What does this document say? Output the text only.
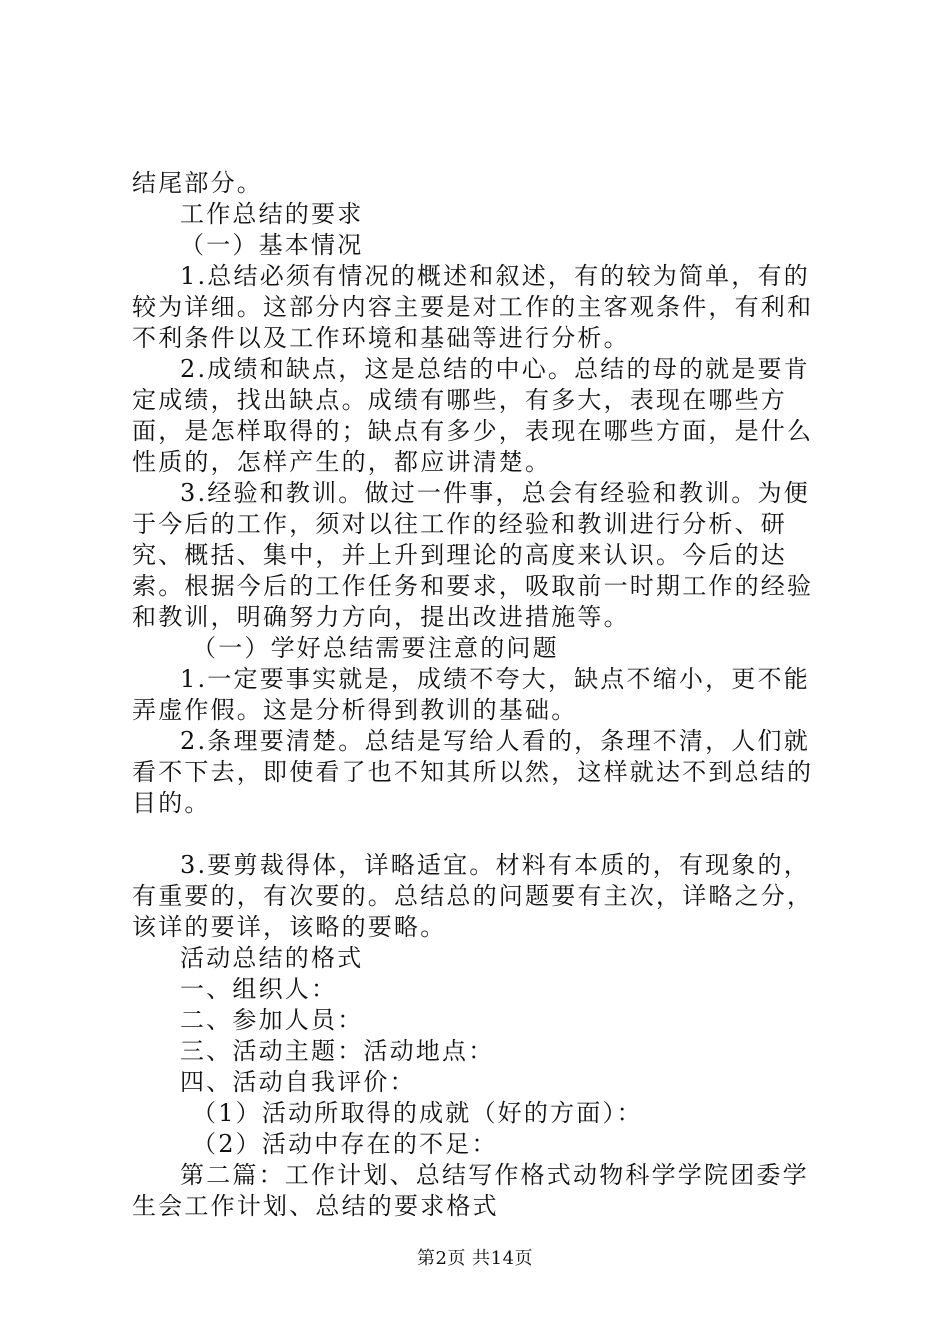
结尾部分。

工作总结的要求

（一）基本情况

1.总结必须有情况的概述和叙述，有的较为简单，有的较为详细。这部分内容主要是对工作的主客观条件，有利和不利条件以及工作环境和基础等进行分析。

2.成绩和缺点，这是总结的中心。总结的母的就是要肯定成绩，找出缺点。成绩有哪些，有多大，表现在哪些方面，是怎样取得的；缺点有多少，表现在哪些方面，是什么性质的，怎样产生的，都应讲清楚。

3.经验和教训。做过一件事，总会有经验和教训。为便于今后的工作，须对以往工作的经验和教训进行分析、研究、概括、集中，并上升到理论的高度来认识。今后的达索。根据今后的工作任务和要求，吸取前一时期工作的经验和教训，明确努力方向，提出改进措施等。

（一）学好总结需要注意的问题

1.一定要事实就是，成绩不夸大，缺点不缩小，更不能弄虚作假。这是分析得到教训的基础。

2.条理要清楚。总结是写给人看的，条理不清，人们就看不下去，即使看了也不知其所以然，这样就达不到总结的目的。

3.要剪裁得体，详略适宜。材料有本质的，有现象的，有重要的，有次要的。总结总的问题要有主次，详略之分，该详的要详，该略的要略。

活动总结的格式

一、组织人：

二、参加人员：

三、活动主题：活动地点：

四、活动自我评价：

（1）活动所取得的成就（好的方面）：

（2）活动中存在的不足：

第二篇：工作计划、总结写作格式动物科学学院团委学生会工作计划、总结的要求格式

第2页 共14页
